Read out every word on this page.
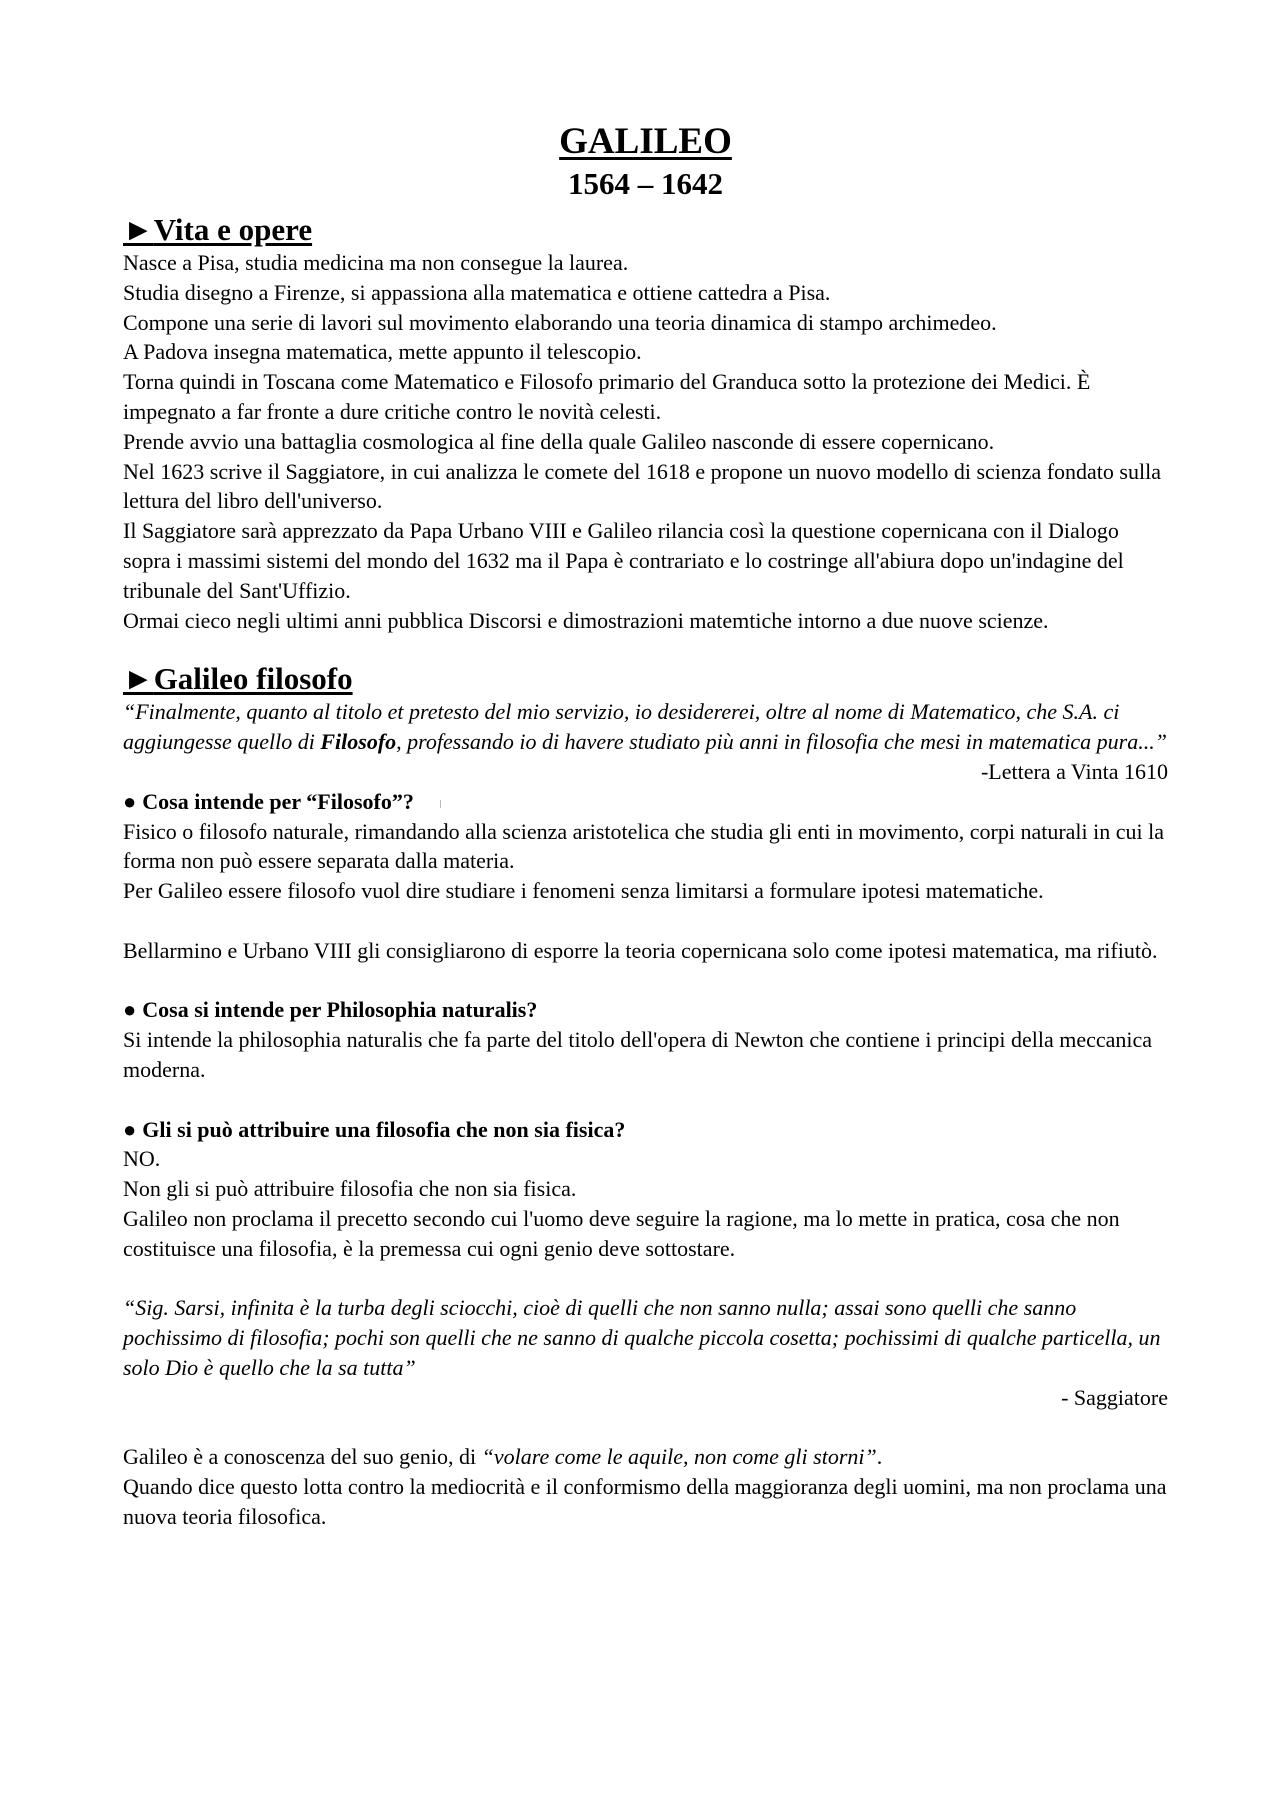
GALILEO
1564 – 1642
►Vita e opere

Nasce a Pisa, studia medicina ma non consegue la laurea.

Studia disegno a Firenze, si appassiona alla matematica e ottiene cattedra a Pisa.

Compone una serie di lavori sul movimento elaborando una teoria dinamica di stampo archimedeo.

A Padova insegna matematica, mette appunto il telescopio.

Torna quindi in Toscana come Matematico e Filosofo primario del Granduca sotto la protezione dei Medici. È impegnato a far fronte a dure critiche contro le novità celesti.

Prende avvio una battaglia cosmologica al fine della quale Galileo nasconde di essere copernicano.

Nel 1623 scrive il Saggiatore, in cui analizza le comete del 1618 e propone un nuovo modello di scienza fondato sulla lettura del libro dell'universo.

Il Saggiatore sarà apprezzato da Papa Urbano VIII e Galileo rilancia così la questione copernicana con il Dialogo sopra i massimi sistemi del mondo del 1632 ma il Papa è contrariato e lo costringe all'abiura dopo un'indagine del tribunale del Sant'Uffizio.

Ormai cieco negli ultimi anni pubblica Discorsi e dimostrazioni matemtiche intorno a due nuove scienze.

►Galileo filosofo

“Finalmente, quanto al titolo et pretesto del mio servizio, io desidererei, oltre al nome di Matematico, che S.A. ci aggiungesse quello di Filosofo, professando io di havere studiato più anni in filosofia che mesi in matematica pura...”

-Lettera a Vinta 1610

● Cosa intende per “Filosofo”?

Fisico o filosofo naturale, rimandando alla scienza aristotelica che studia gli enti in movimento, corpi naturali in cui la forma non può essere separata dalla materia.

Per Galileo essere filosofo vuol dire studiare i fenomeni senza limitarsi a formulare ipotesi matematiche.

Bellarmino e Urbano VIII gli consigliarono di esporre la teoria copernicana solo come ipotesi matematica, ma rifiutò.

● Cosa si intende per Philosophia naturalis?

Si intende la philosophia naturalis che fa parte del titolo dell'opera di Newton che contiene i principi della meccanica moderna.

● Gli si può attribuire una filosofia che non sia fisica?

NO.

Non gli si può attribuire filosofia che non sia fisica.

Galileo non proclama il precetto secondo cui l'uomo deve seguire la ragione, ma lo mette in pratica, cosa che non costituisce una filosofia, è la premessa cui ogni genio deve sottostare.

“Sig. Sarsi, infinita è la turba degli sciocchi, cioè di quelli che non sanno nulla; assai sono quelli che sanno pochissimo di filosofia; pochi son quelli che ne sanno di qualche piccola cosetta; pochissimi di qualche particella, un solo Dio è quello che la sa tutta”

- Saggiatore

Galileo è a conoscenza del suo genio, di “volare come le aquile, non come gli storni”.

Quando dice questo lotta contro la mediocrità e il conformismo della maggioranza degli uomini, ma non proclama una nuova teoria filosofica.
